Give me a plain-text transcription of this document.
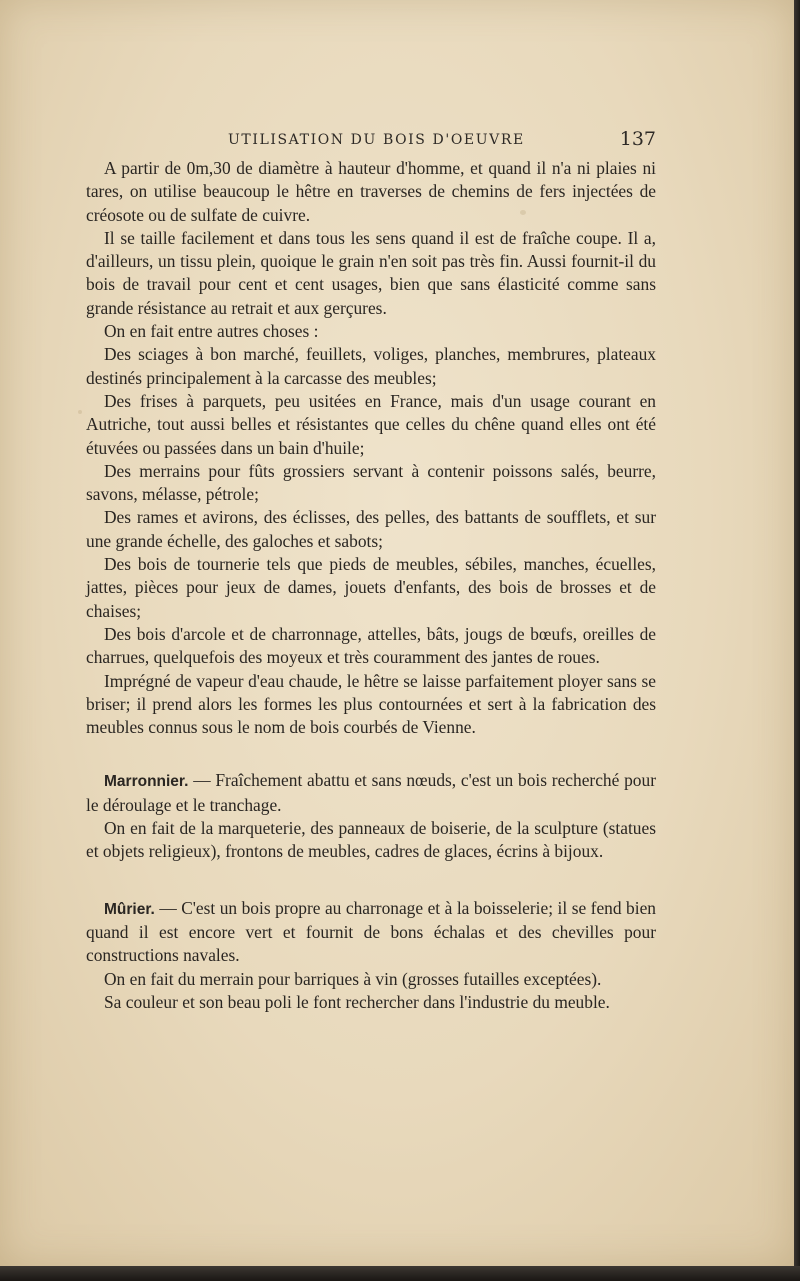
UTILISATION DU BOIS D'OEUVRE	137

A partir de 0m,30 de diamètre à hauteur d'homme, et quand il n'a ni plaies ni tares, on utilise beaucoup le hêtre en traverses de chemins de fers injectées de créosote ou de sulfate de cuivre.

Il se taille facilement et dans tous les sens quand il est de fraîche coupe. Il a, d'ailleurs, un tissu plein, quoique le grain n'en soit pas très fin. Aussi fournit-il du bois de travail pour cent et cent usages, bien que sans élasticité comme sans grande résistance au retrait et aux gerçures.

On en fait entre autres choses :

Des sciages à bon marché, feuillets, voliges, planches, membrures, plateaux destinés principalement à la carcasse des meubles;

Des frises à parquets, peu usitées en France, mais d'un usage courant en Autriche, tout aussi belles et résistantes que celles du chêne quand elles ont été étuvées ou passées dans un bain d'huile;

Des merrains pour fûts grossiers servant à contenir poissons salés, beurre, savons, mélasse, pétrole;

Des rames et avirons, des éclisses, des pelles, des battants de soufflets, et sur une grande échelle, des galoches et sabots;

Des bois de tournerie tels que pieds de meubles, sébiles, manches, écuelles, jattes, pièces pour jeux de dames, jouets d'enfants, des bois de brosses et de chaises;

Des bois d'arcole et de charronnage, attelles, bâts, jougs de bœufs, oreilles de charrues, quelquefois des moyeux et très couramment des jantes de roues.

Imprégné de vapeur d'eau chaude, le hêtre se laisse parfaitement ployer sans se briser; il prend alors les formes les plus contournées et sert à la fabrication des meubles connus sous le nom de bois courbés de Vienne.

Marronnier. — Fraîchement abattu et sans nœuds, c'est un bois recherché pour le déroulage et le tranchage.

On en fait de la marqueterie, des panneaux de boiserie, de la sculpture (statues et objets religieux), frontons de meubles, cadres de glaces, écrins à bijoux.

Mûrier. — C'est un bois propre au charronage et à la boisselerie; il se fend bien quand il est encore vert et fournit de bons échalas et des chevilles pour constructions navales.

On en fait du merrain pour barriques à vin (grosses futailles exceptées).

Sa couleur et son beau poli le font rechercher dans l'industrie du meuble.
